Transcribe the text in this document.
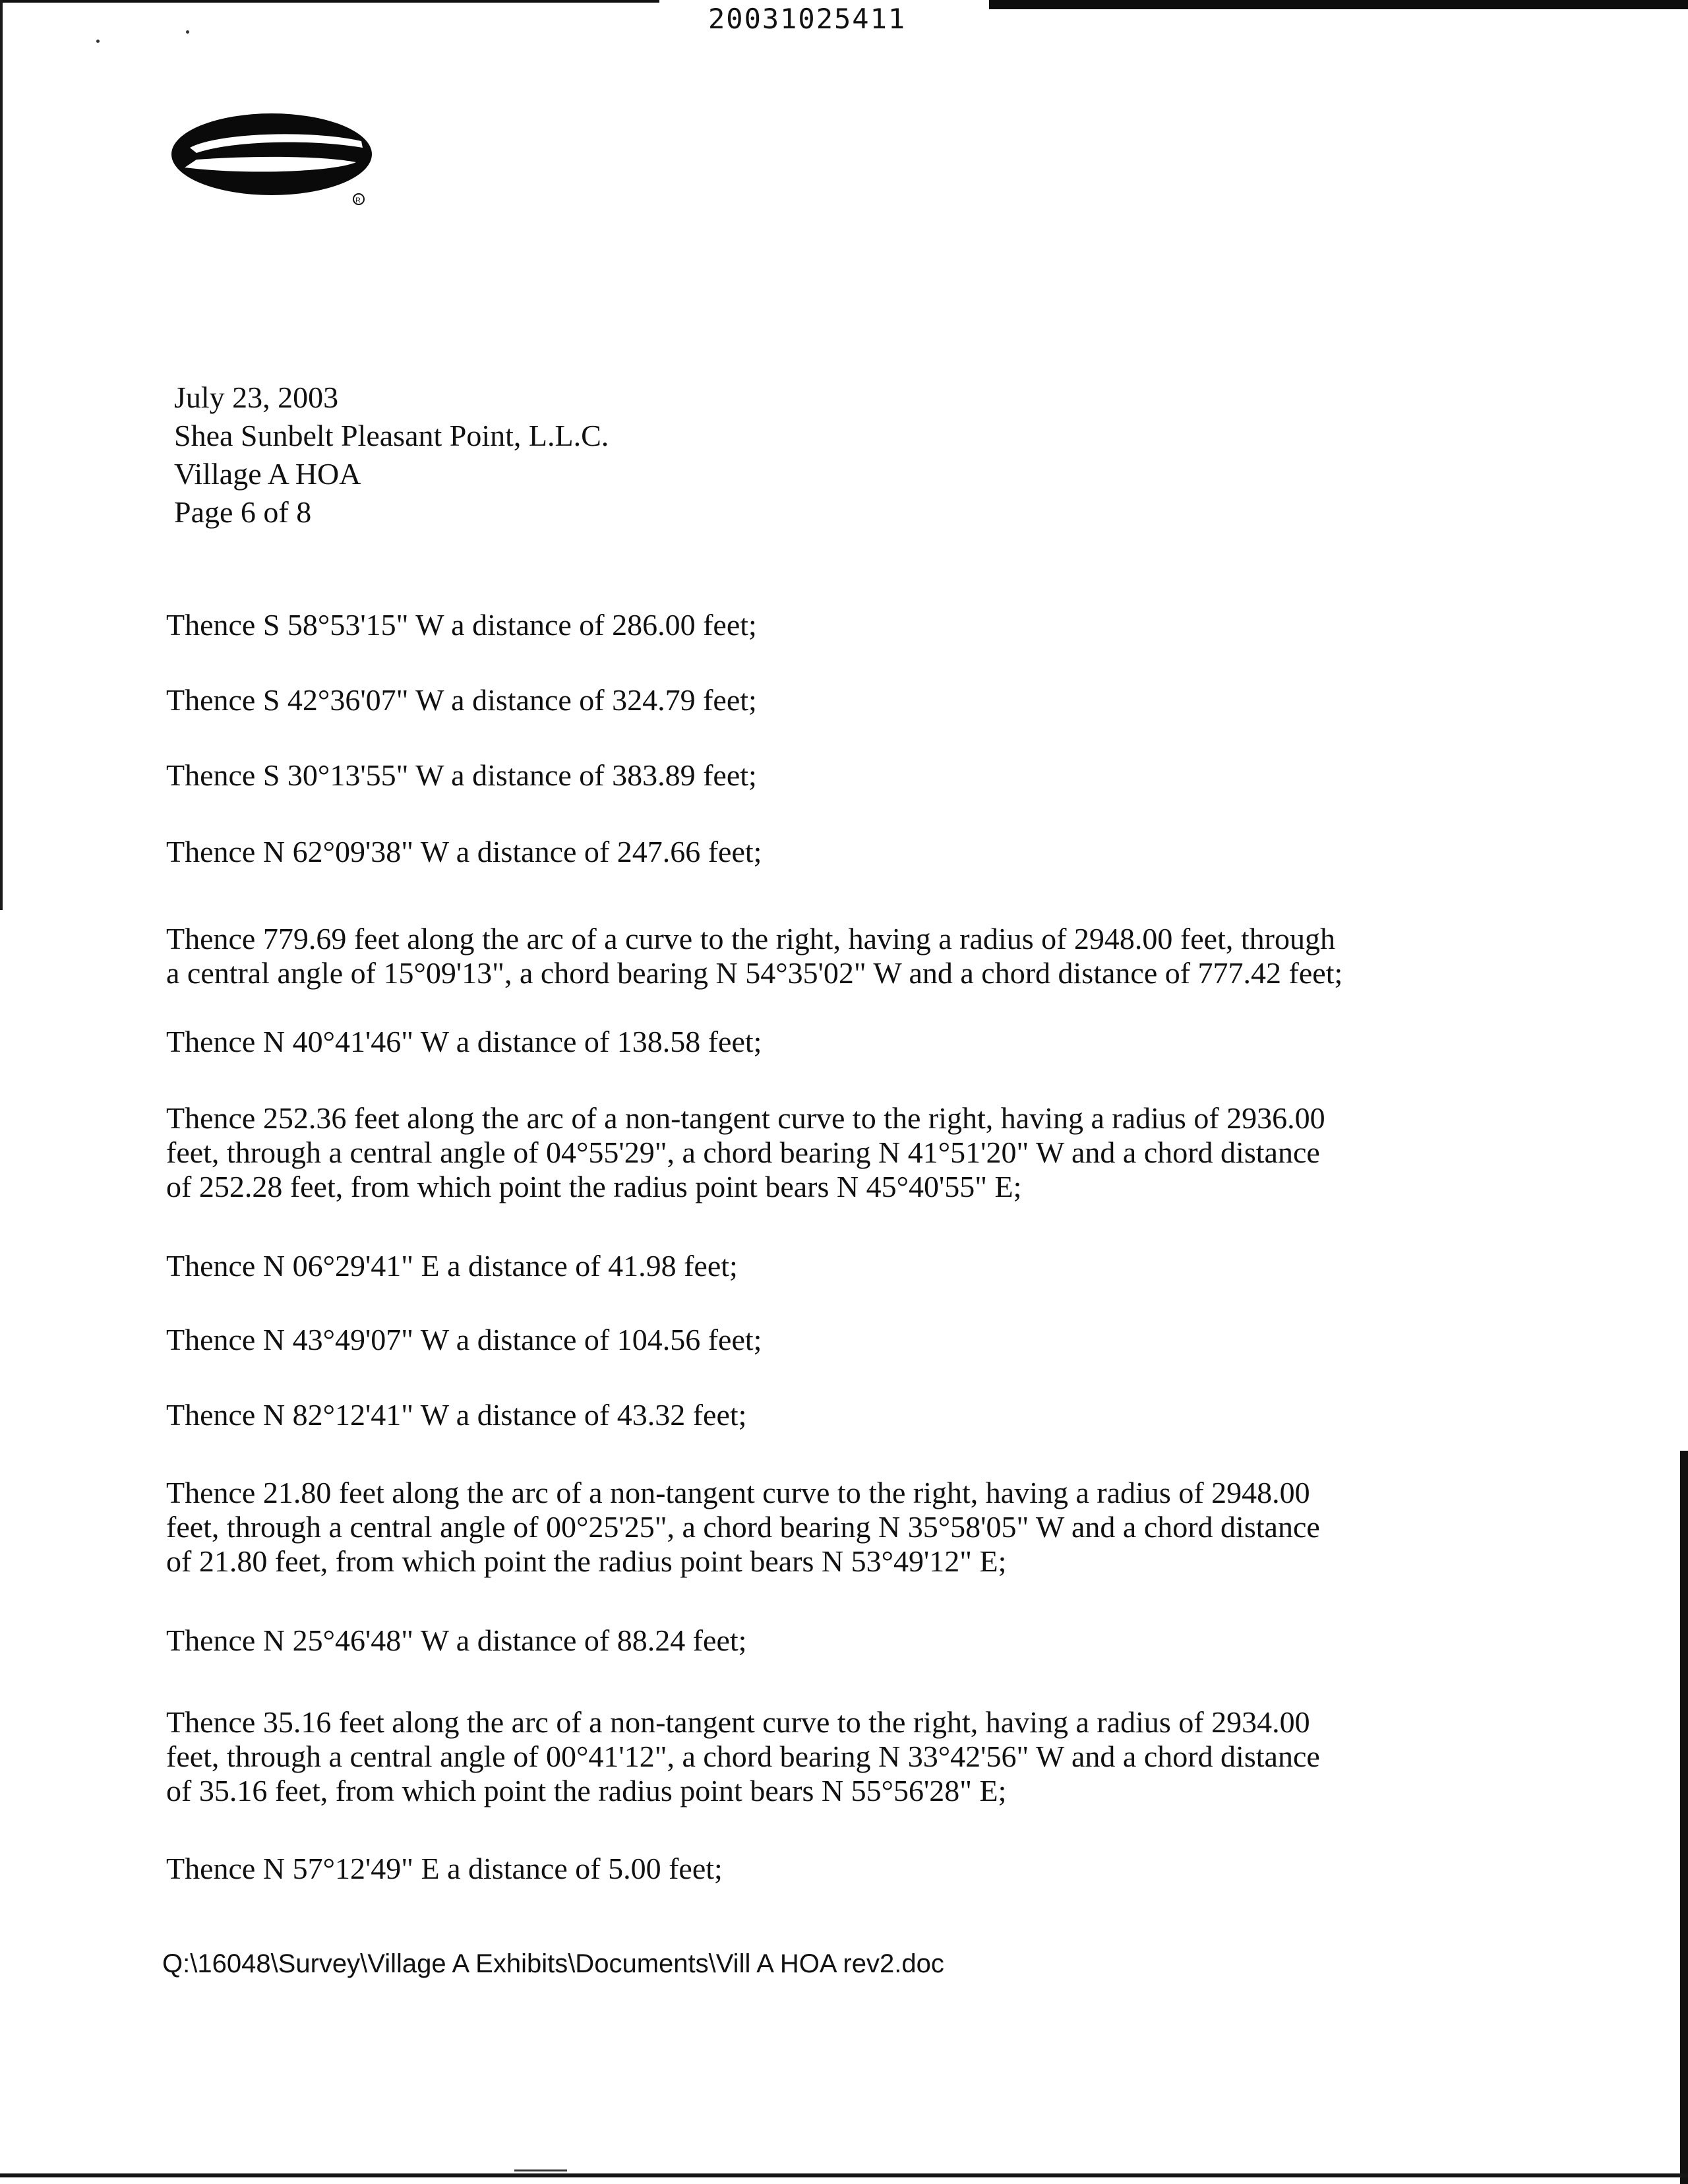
20031025411
R
July 23, 2003
Shea Sunbelt Pleasant Point, L.L.C.
Village A HOA
Page 6 of 8
Thence S 58°53'15" W a distance of 286.00 feet;
Thence S 42°36'07" W a distance of 324.79 feet;
Thence S 30°13'55" W a distance of 383.89 feet;
Thence N 62°09'38" W a distance of 247.66 feet;
Thence 779.69 feet along the arc of a curve to the right, having a radius of 2948.00 feet, through
a central angle of 15°09'13", a chord bearing N 54°35'02" W and a chord distance of 777.42 feet;
Thence N 40°41'46" W a distance of 138.58 feet;
Thence 252.36 feet along the arc of a non-tangent curve to the right, having a radius of 2936.00
feet, through a central angle of 04°55'29", a chord bearing N 41°51'20" W and a chord distance
of 252.28 feet, from which point the radius point bears N 45°40'55" E;
Thence N 06°29'41" E a distance of 41.98 feet;
Thence N 43°49'07" W a distance of 104.56 feet;
Thence N 82°12'41" W a distance of 43.32 feet;
Thence 21.80 feet along the arc of a non-tangent curve to the right, having a radius of 2948.00
feet, through a central angle of 00°25'25", a chord bearing N 35°58'05" W and a chord distance
of 21.80 feet, from which point the radius point bears N 53°49'12" E;
Thence N 25°46'48" W a distance of 88.24 feet;
Thence 35.16 feet along the arc of a non-tangent curve to the right, having a radius of 2934.00
feet, through a central angle of 00°41'12", a chord bearing N 33°42'56" W and a chord distance
of 35.16 feet, from which point the radius point bears N 55°56'28" E;
Thence N 57°12'49" E a distance of 5.00 feet;
Q:\16048\Survey\Village A Exhibits\Documents\Vill A HOA rev2.doc
